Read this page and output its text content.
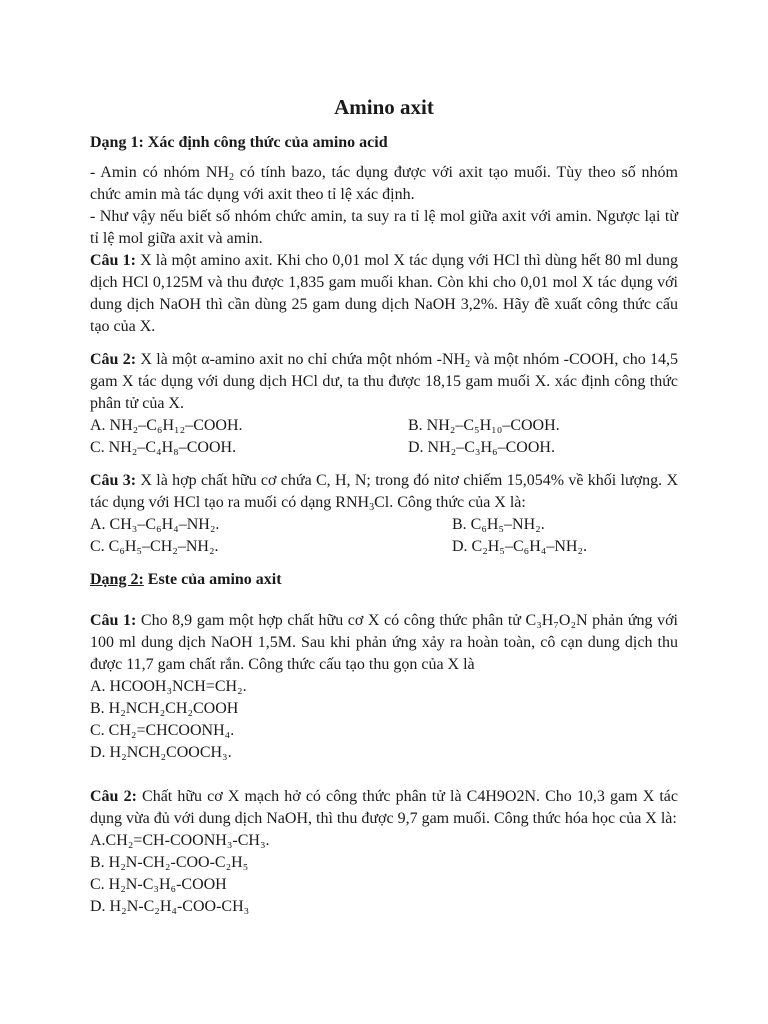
Amino axit
Dạng 1: Xác định công thức của amino acid

- Amin có nhóm $NH_2$ có tính bazo, tác dụng được với axit tạo muối. Tùy theo số nhóm chức amin mà tác dụng với axit theo tỉ lệ xác định.

- Như vậy nếu biết số nhóm chức amin, ta suy ra tỉ lệ mol giữa axit với amin. Ngược lại từ tỉ lệ mol giữa axit và amin.

Câu 1: X là một amino axit. Khi cho 0,01 mol X tác dụng với HCl thì dùng hết 80 ml dung dịch HCl 0,125M và thu được 1,835 gam muối khan. Còn khi cho 0,01 mol X tác dụng với dung dịch NaOH thì cần dùng 25 gam dung dịch NaOH 3,2%. Hãy đề xuất công thức cấu tạo của X.

Câu 2: X là một α-amino axit no chỉ chứa một nhóm $-NH_2$ và một nhóm -COOH, cho 14,5 gam X tác dụng với dung dịch HCl dư, ta thu được 18,15 gam muối X. xác định công thức phân tử của X.

A. NH₂–C₆H₁₂–COOH.	B. NH₂–C₅H₁₀–COOH.
C. NH₂–C₄H₈–COOH.	D. NH₂–C₃H₆–COOH.

Câu 3: X là hợp chất hữu cơ chứa C, H, N; trong đó nitơ chiếm 15,054% về khối lượng. X tác dụng với HCl tạo ra muối có dạng $RNH_3Cl$. Công thức của X là:

A. CH₃–C₆H₄–NH₂.	B. C₆H₅–NH₂.
C. C₆H₅–CH₂–NH₂.	D. C₂H₅–C₆H₄–NH₂.
Dạng 2: Este của amino axit

Câu 1: Cho 8,9 gam một hợp chất hữu cơ X có công thức phân tử C₃H₇O₂N phản ứng với 100 ml dung dịch NaOH 1,5M. Sau khi phản ứng xảy ra hoàn toàn, cô cạn dung dịch thu được 11,7 gam chất rắn. Công thức cấu tạo thu gọn của X là

A. HCOOH₃NCH=CH₂.

B. H₂NCH₂CH₂COOH

C. CH₂=CHCOONH₄.

D. H₂NCH₂COOCH₃.

Câu 2: Chất hữu cơ X mạch hở có công thức phân tử là C4H9O2N. Cho 10,3 gam X tác dụng vừa đủ với dung dịch NaOH, thì thu được 9,7 gam muối. Công thức hóa học của X là:

A.CH₂=CH-COONH₃-CH₃.

B. H₂N-CH₂-COO-C₂H₅

C. H₂N-C₃H₆-COOH

D. H₂N-C₂H₄-COO-CH₃
